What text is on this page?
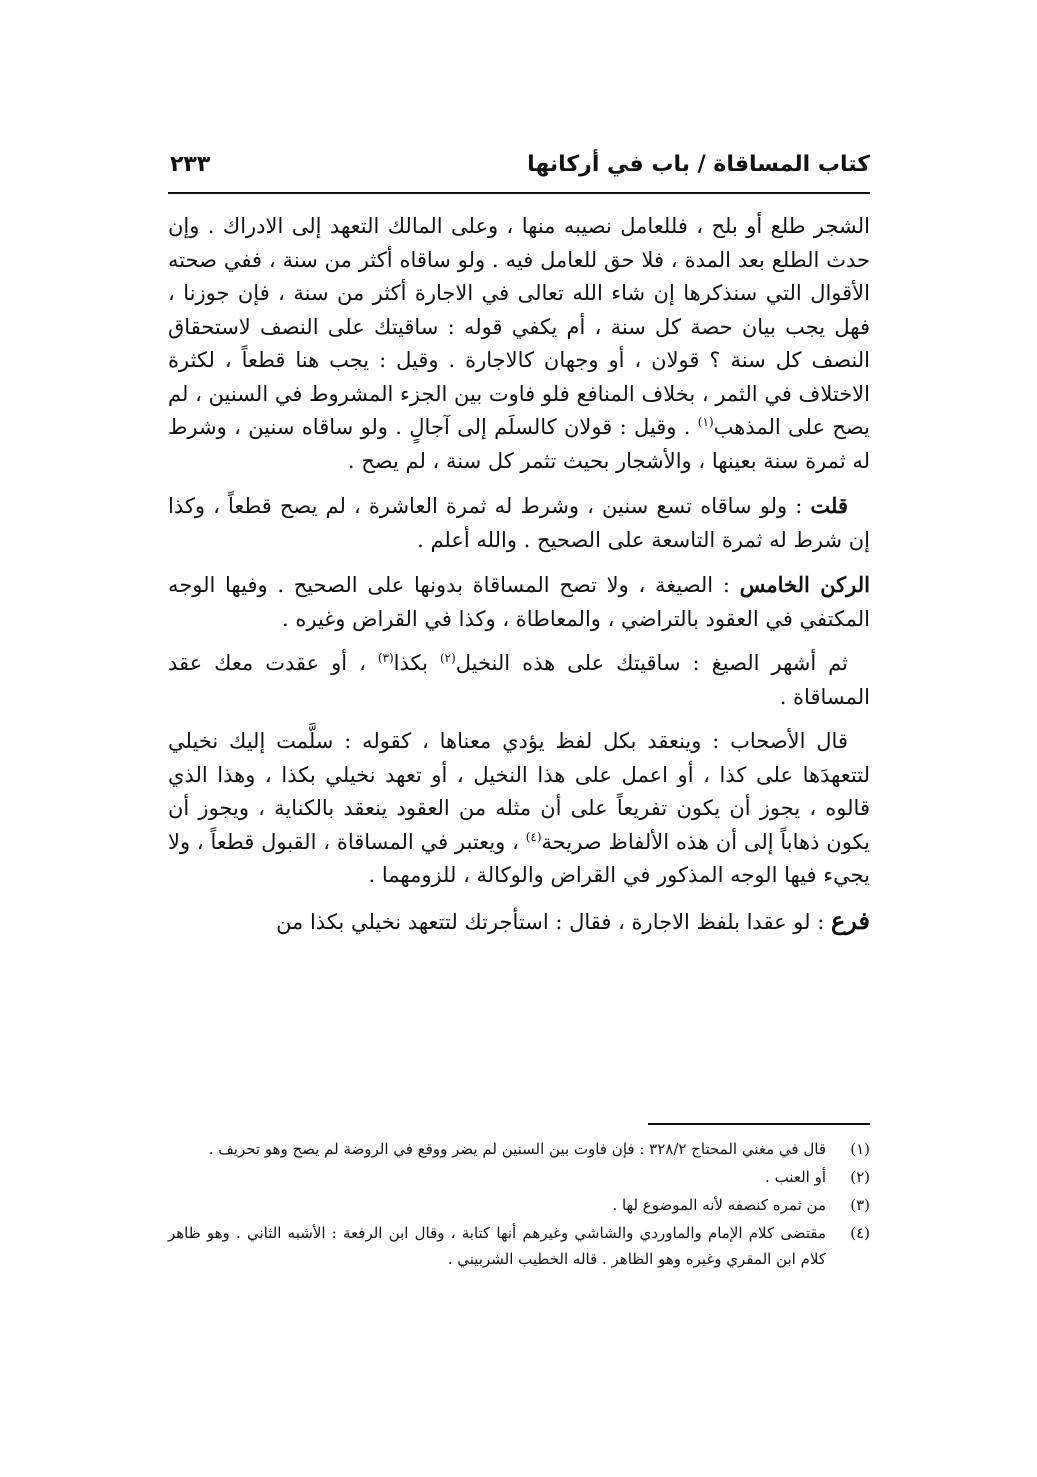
كتاب المساقاة / باب في أركانها
٢٣٣

الشجر طلع أو بلح ، فللعامل نصيبه منها ، وعلى المالك التعهد إلى الادراك . وإن حدث الطلع بعد المدة ، فلا حق للعامل فيه . ولو ساقاه أكثر من سنة ، ففي صحته الأقوال التي سنذكرها إن شاء الله تعالى في الاجارة أكثر من سنة ، فإن جوزنا ، فهل يجب بيان حصة كل سنة ، أم يكفي قوله : ساقيتك على النصف لاستحقاق النصف كل سنة ؟ قولان ، أو وجهان كالاجارة . وقيل : يجب هنا قطعاً ، لكثرة الاختلاف في الثمر ، بخلاف المنافع فلو فاوت بين الجزء المشروط في السنين ، لم يصح على المذهب$^{(١)}$ . وقيل : قولان كالسلَم إلى آجالٍ . ولو ساقاه سنين ، وشرط له ثمرة سنة بعينها ، والأشجار بحيث تثمر كل سنة ، لم يصح .

قلت : ولو ساقاه تسع سنين ، وشرط له ثمرة العاشرة ، لم يصح قطعاً ، وكذا إن شرط له ثمرة التاسعة على الصحيح . والله أعلم .

الركن الخامس : الصيغة ، ولا تصح المساقاة بدونها على الصحيح . وفيها الوجه المكتفي في العقود بالتراضي ، والمعاطاة ، وكذا في القراض وغيره .

ثم أشهر الصيغ : ساقيتك على هذه النخيل$^{(٢)}$ بكذا$^{(٣)}$ ، أو عقدت معك عقد المساقاة .

قال الأصحاب : وينعقد بكل لفظ يؤدي معناها ، كقوله : سلَّمت إليك نخيلي لتتعهدَها على كذا ، أو اعمل على هذا النخيل ، أو تعهد نخيلي بكذا ، وهذا الذي قالوه ، يجوز أن يكون تفريعاً على أن مثله من العقود ينعقد بالكناية ، ويجوز أن يكون ذهاباً إلى أن هذه الألفاظ صريحة$^{(٤)}$ ، ويعتبر في المساقاة ، القبول قطعاً ، ولا يجيء فيها الوجه المذكور في القراض والوكالة ، للزومهما .

فرع : لو عقدا بلفظ الاجارة ، فقال : استأجرتك لتتعهد نخيلي بكذا من

(١)
قال في مغني المحتاج ٣٢٨/٢ : فإن فاوت بين السنين لم يضر ووقع في الروضة لم يصح وهو تحريف .
(٢)
أو العنب .
(٣)
من ثمره كنصفه لأنه الموضوع لها .
(٤)
مقتضى كلام الإمام والماوردي والشاشي وغيرهم أنها كتابة ، وقال ابن الرفعة : الأشبه الثاني . وهو ظاهر كلام ابن المقري وغيره وهو الظاهر . قاله الخطيب الشربيني .
